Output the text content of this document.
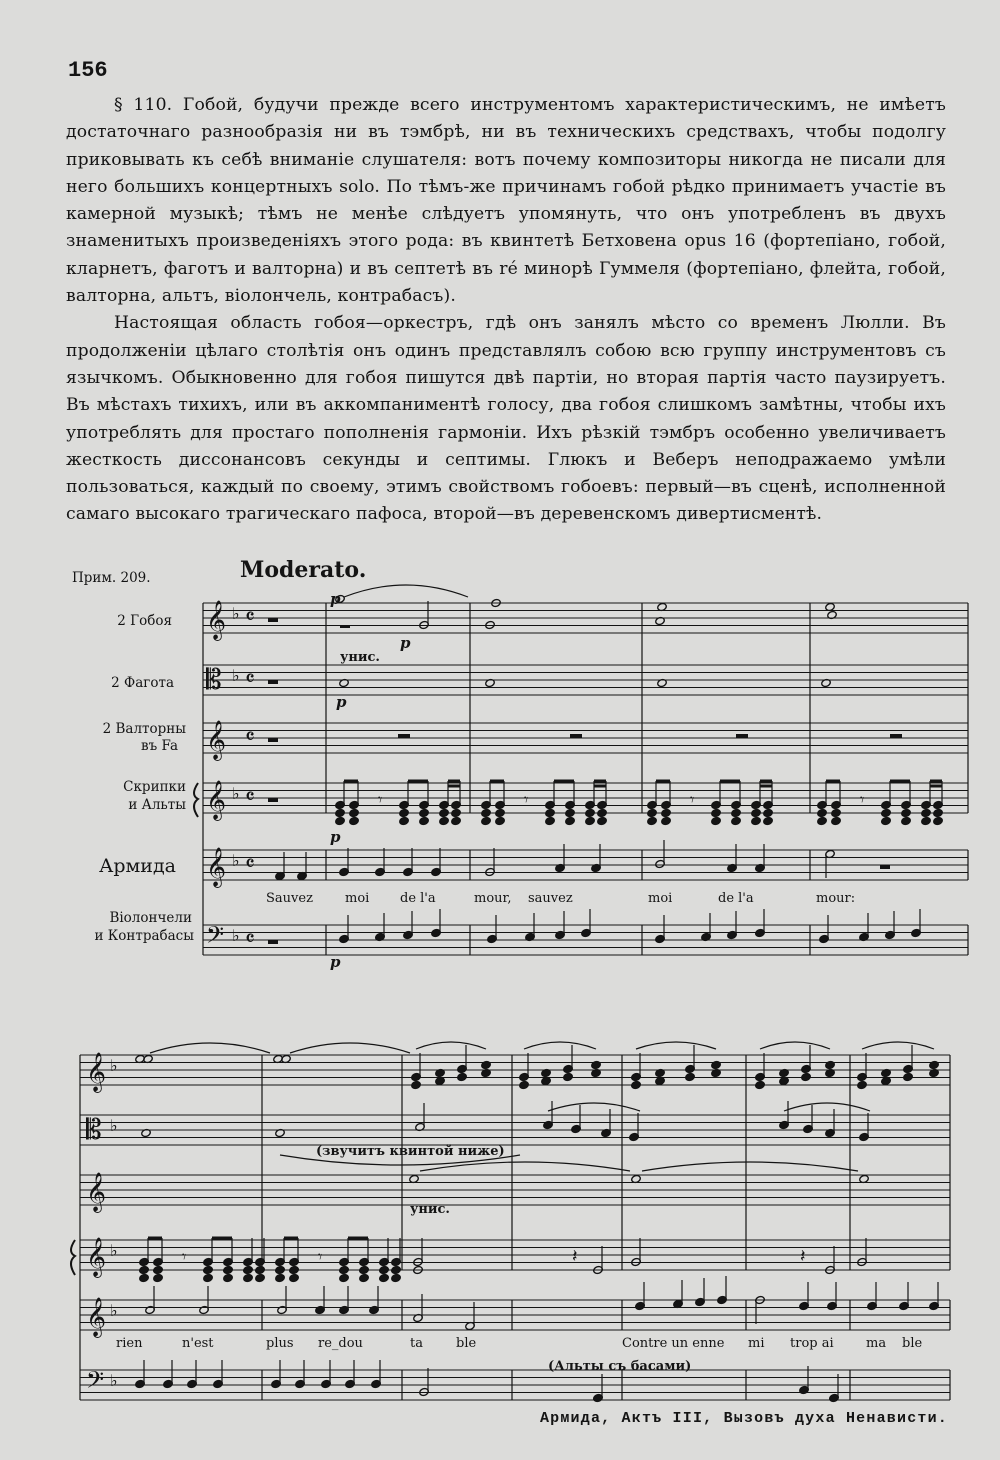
156

§ 110. Гобой, будучи прежде всего инструментомъ характеристическимъ, не имѣетъ достаточнаго разнообразія ни въ тэмбрѣ, ни въ техническихъ средствахъ, чтобы подолгу приковывать къ себѣ вниманіе слушателя: вотъ почему композиторы никогда не писали для него большихъ концертныхъ solo. По тѣмъ-же причинамъ гобой рѣдко принимаетъ участіе въ камерной музыкѣ; тѣмъ не менѣе слѣдуетъ упомянуть, что онъ употребленъ въ двухъ знаменитыхъ произведеніяхъ этого рода: въ квинтетѣ Бетховена opus 16 (фортепіано, гобой, кларнетъ, фаготъ и валторна) и въ септетѣ въ ré минорѣ Гуммеля (фортепіано, флейта, гобой, валторна, альтъ, віолончель, контрабасъ).

Настоящая область гобоя—оркестръ, гдѣ онъ занялъ мѣсто со временъ Люлли. Въ продолженіи цѣлаго столѣтія онъ одинъ представлялъ собою всю группу инструментовъ съ язычкомъ. Обыкновенно для гобоя пишутся двѣ партіи, но вторая партія часто паузируетъ. Въ мѣстахъ тихихъ, или въ аккомпаниментѣ голосу, два гобоя слишкомъ замѣтны, чтобы ихъ употреблять для простаго пополненія гармоніи. Ихъ рѣзкій тэмбръ особенно увеличиваетъ жесткость диссонансовъ секунды и септимы. Глюкъ и Веберъ неподражаемо умѣли пользоваться, каждый по своему, этимъ свойствомъ гобоевъ: первый—въ сценѣ, исполненной самаго высокаго трагическаго пафоса, второй—въ деревенскомъ дивертисментѣ.

𝄞
𝄞
𝄞
𝄞
𝄡
𝄢
♭
♭
♭
♭
♭
𝄴
𝄴
𝄴
𝄴
𝄴
𝄴
𝄾	𝄾	𝄾	𝄾
𝄞
𝄞
𝄞
𝄞
𝄡
𝄢
♭
♭
♭
♭
♭
𝄾	𝄾	𝄽	𝄽
Прим. 209.	Moderato.
2 Гобоя
2 Фагота
2 Валторны
въ Fa
Скрипки
и Альты
Армида
Віолончели
и Контрабасы
унис.
p
p
p
p
p
Sauvez moi de l'a	mour, sauvez	moi	de l'a	mour:
(звучитъ квинтой ниже)
унис.
rien	n'est	plus re_dou	ta	ble	Contre un enne mi trop ai ma ble
(Альты съ басами)
Армида, Актъ III, Вызовъ духа Ненависти.
